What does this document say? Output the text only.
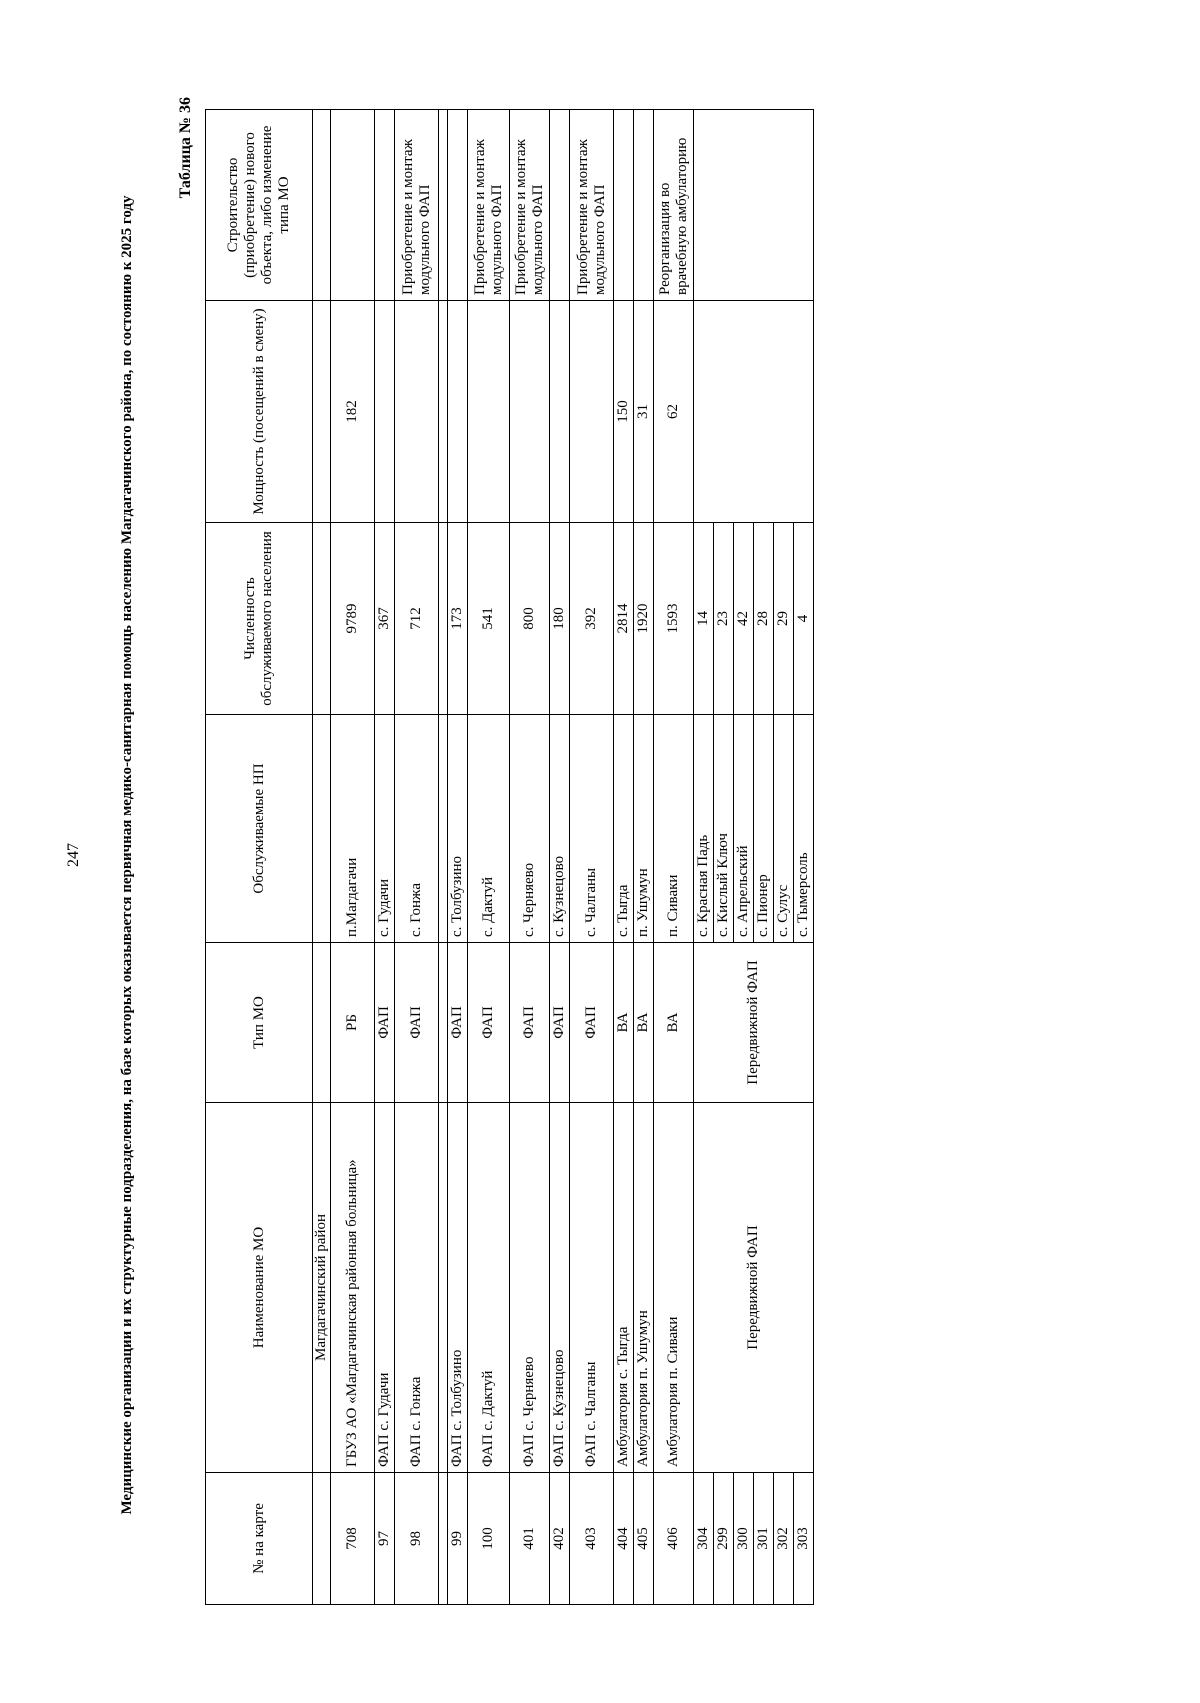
247 Медицинские организации и их структурные подразделения, на базе которых оказывается первичная медико-санитарная помощь населению Магдагачинского района, по состоянию к 2025 году
Таблица № 36
№ на карте	Наименование МО	Тип МО	Обслуживаемые НП	Численность обслуживаемого населения	Мощность (посещений в смену)	Строительство (приобретение) нового объекта, либо изменение типа МО
	Магдагачинский район					
708	ГБУЗ АО «Магдагачинская районная больница»	РБ	п.Магдагачи	9789	182	
97	ФАП с. Гудачи	ФАП	с. Гудачи	367		
98	ФАП с. Гонжа	ФАП	с. Гонжа	712		Приобретение и монтаж модульного ФАП

99	ФАП с. Толбузино	ФАП	с. Толбузино	173		
100	ФАП с. Дактуй	ФАП	с. Дактуй	541		Приобретение и монтаж модульного ФАП
401	ФАП с. Черняево	ФАП	с. Черняево	800		Приобретение и монтаж модульного ФАП
402	ФАП с. Кузнецово	ФАП	с. Кузнецово	180		
403	ФАП с. Чалганы	ФАП	с. Чалганы	392		Приобретение и монтаж модульного ФАП
404	Амбулатория с. Тыгда	ВА	с. Тыгда	2814	150	
405	Амбулатория п. Ушумун	ВА	п. Ушумун	1920	31	
406	Амбулатория п. Сиваки	ВА	п. Сиваки	1593	62	Реорганизация во врачебную амбулаторию
304	Передвижной ФАП	Передвижной ФАП	с. Красная Падь	14		
299			с. Кислый Ключ	23		
300			с. Апрельский	42		
301			с. Пионер	28		
302			с. Сулус	29		
303			с. Тымерсоль	4		
